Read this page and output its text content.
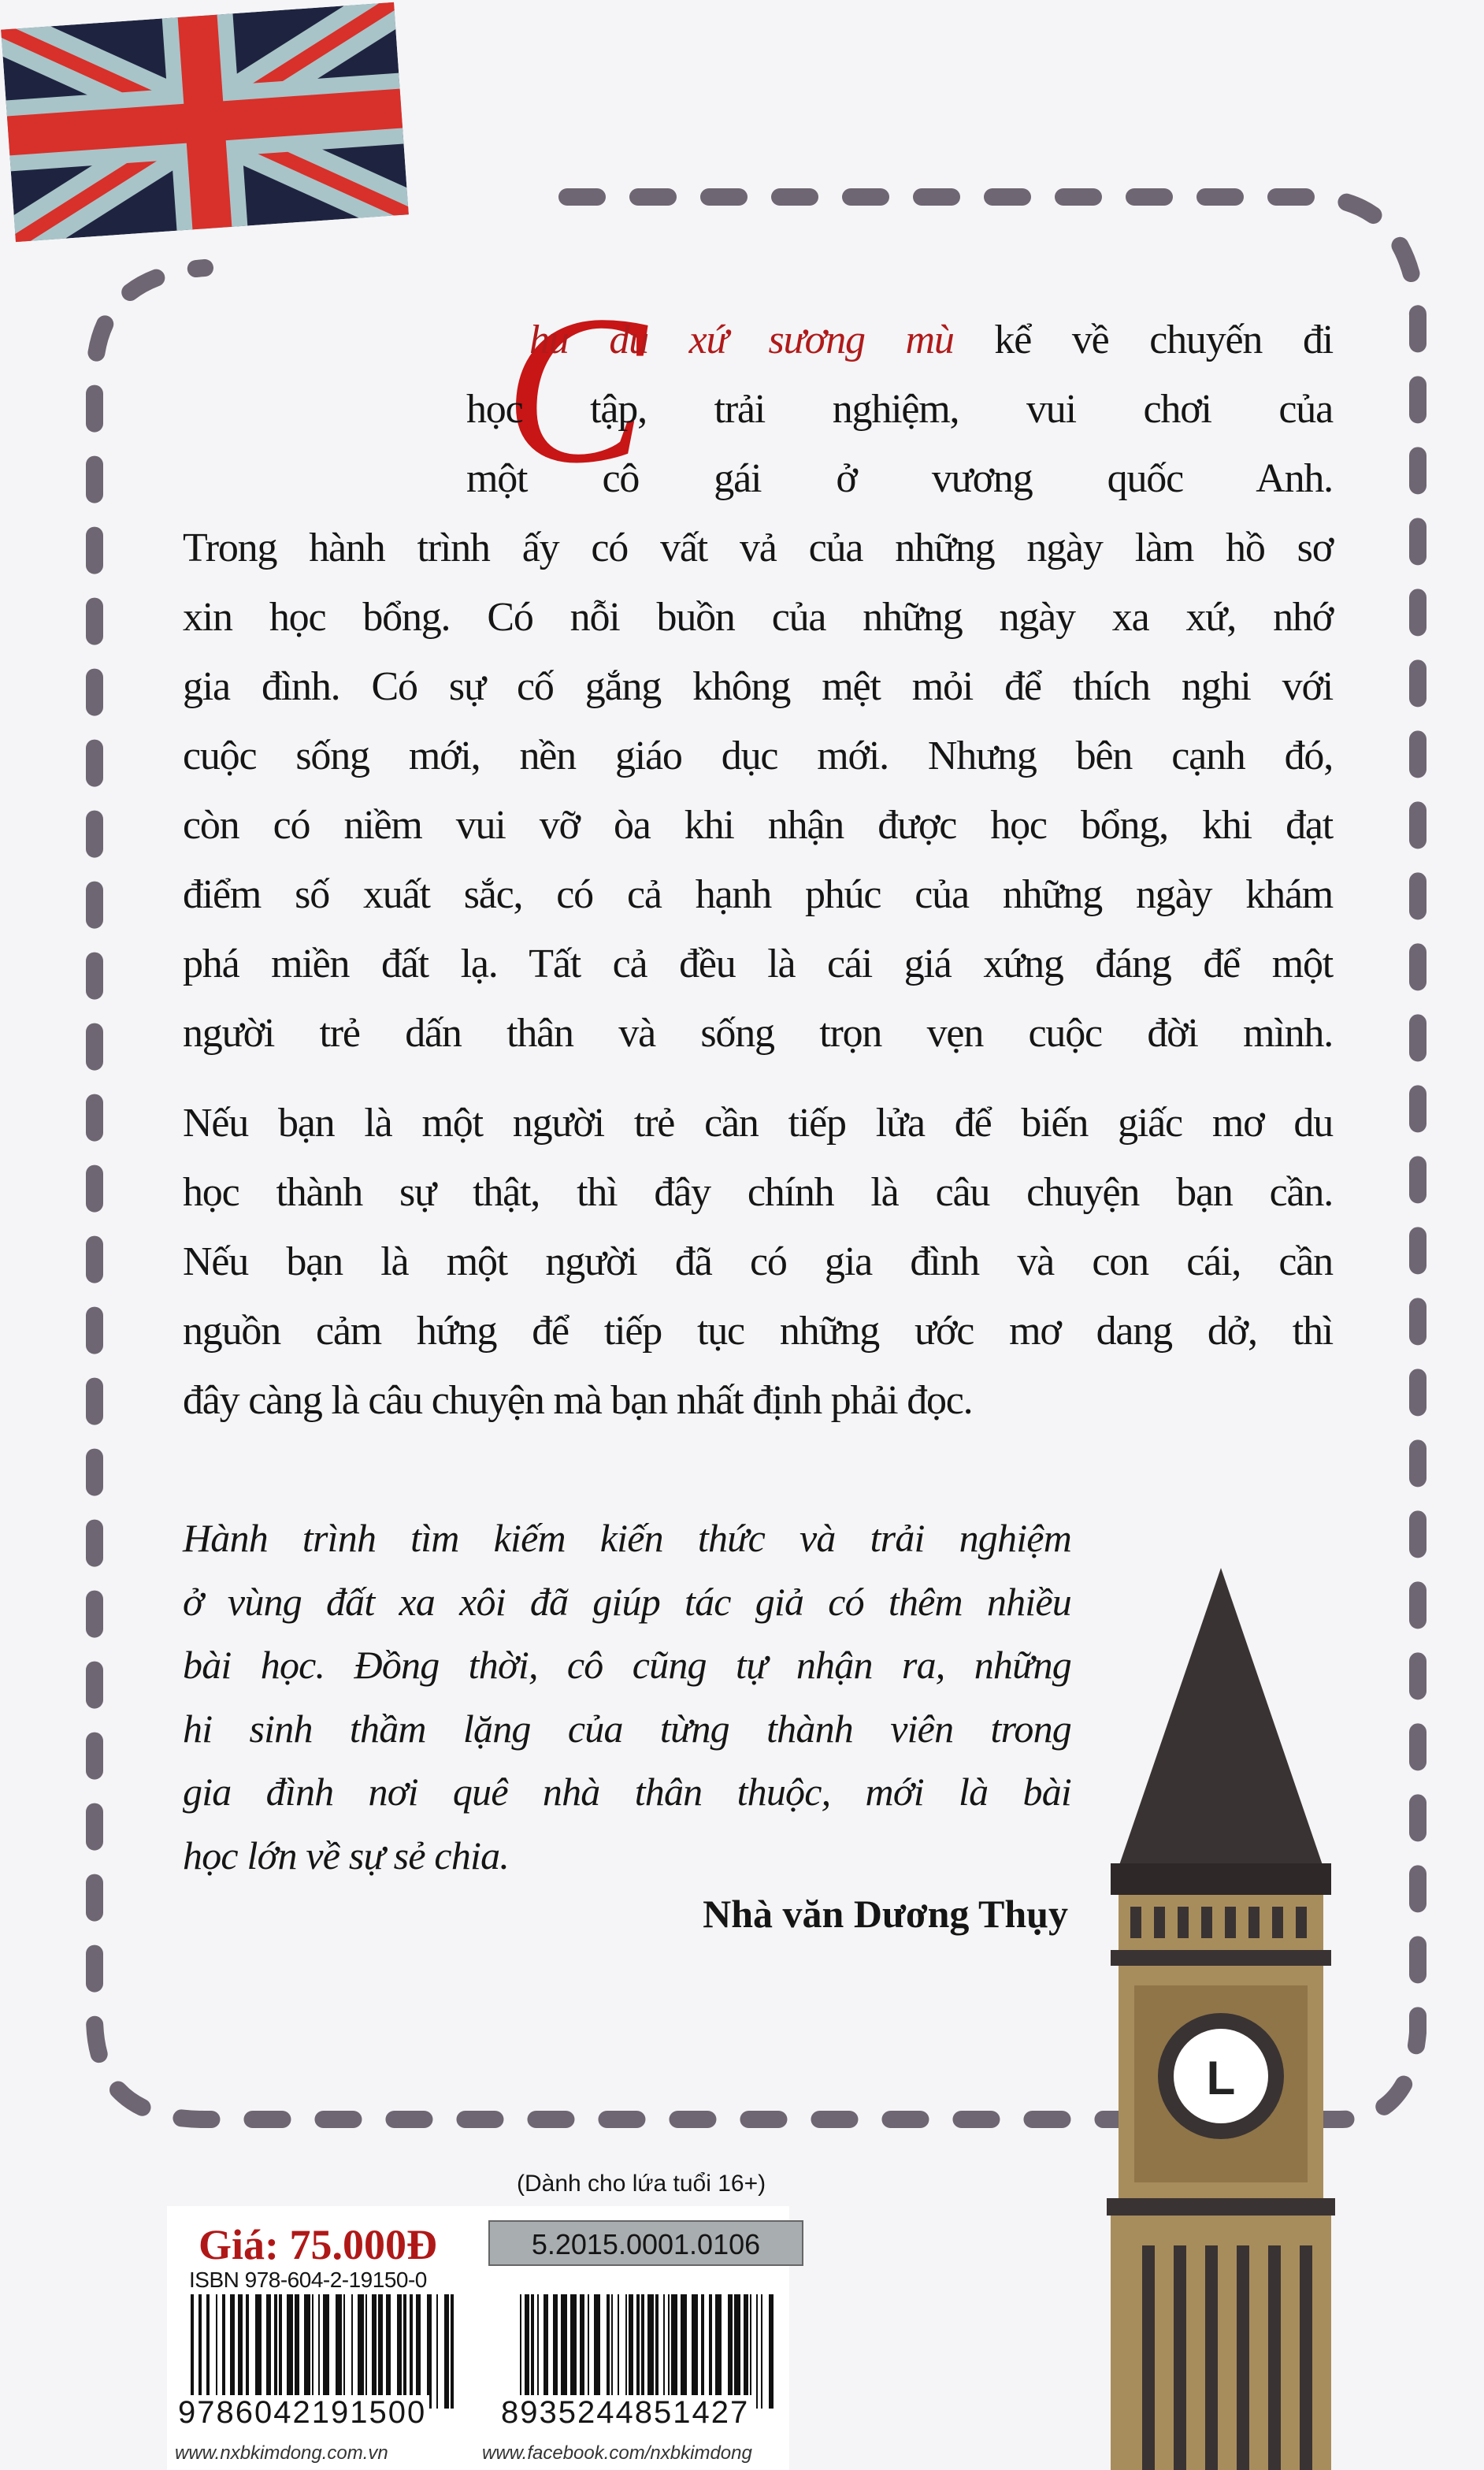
C
hu du xứ sương mù kể về chuyến đi
học tập, trải nghiệm, vui chơi của
một cô gái ở vương quốc Anh.
Trong hành trình ấy có vất vả của những ngày làm hồ sơ
xin học bổng. Có nỗi buồn của những ngày xa xứ, nhớ
gia đình. Có sự cố gắng không mệt mỏi để thích nghi với
cuộc sống mới, nền giáo dục mới. Nhưng bên cạnh đó,
còn có niềm vui vỡ òa khi nhận được học bổng, khi đạt
điểm số xuất sắc, có cả hạnh phúc của những ngày khám
phá miền đất lạ. Tất cả đều là cái giá xứng đáng để một
người trẻ dấn thân và sống trọn vẹn cuộc đời mình.
Nếu bạn là một người trẻ cần tiếp lửa để biến giấc mơ du
học thành sự thật, thì đây chính là câu chuyện bạn cần.
Nếu bạn là một người đã có gia đình và con cái, cần
nguồn cảm hứng để tiếp tục những ước mơ dang dở, thì
đây càng là câu chuyện mà bạn nhất định phải đọc.
Hành trình tìm kiếm kiến thức và trải nghiệm
ở vùng đất xa xôi đã giúp tác giả có thêm nhiều
bài học. Đồng thời, cô cũng tự nhận ra, những
hi sinh thầm lặng của từng thành viên trong
gia đình nơi quê nhà thân thuộc, mới là bài
học lớn về sự sẻ chia.
Nhà văn Dương Thụy
L
(Dành cho lứa tuổi 16+)
Giá: 75.000Đ
ISBN 978-604-2-19150-0
9786042191500
5.2015.0001.0106
8935244851427
www.nxbkimdong.com.vn	www.facebook.com/nxbkimdong
